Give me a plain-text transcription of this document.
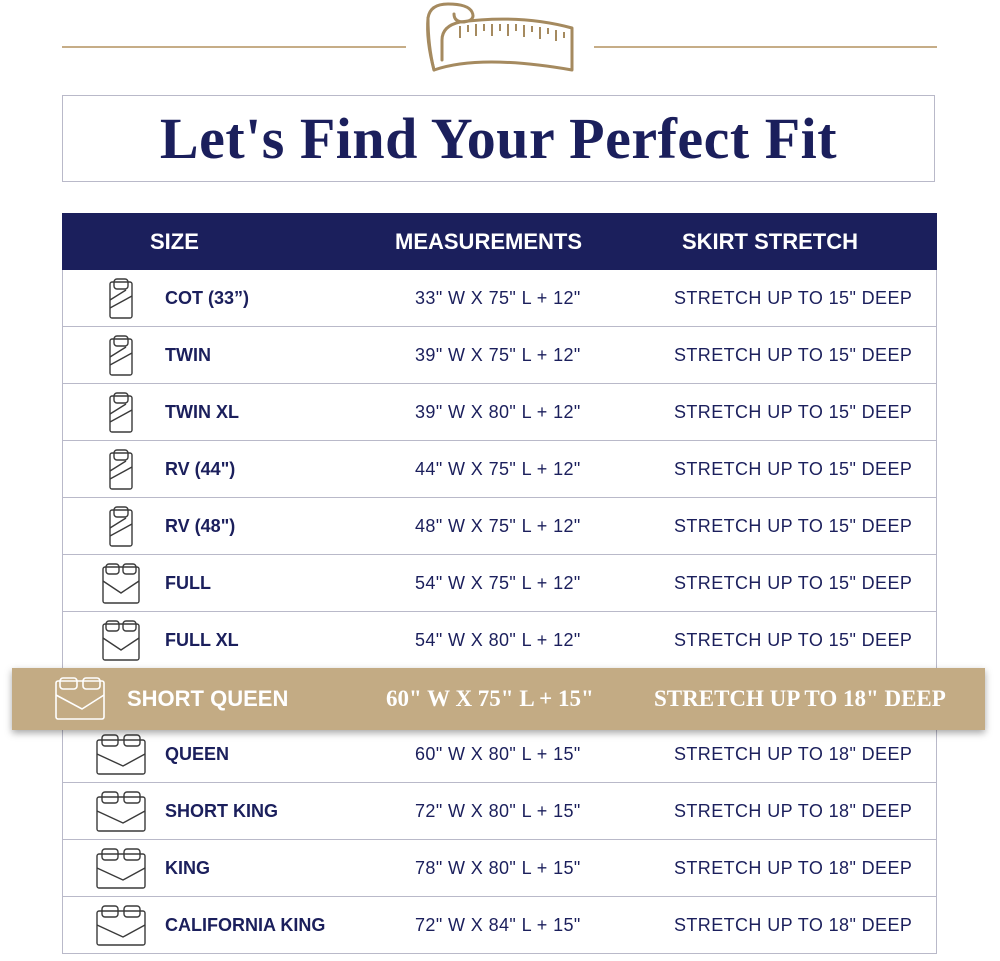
Let's Find Your Perfect Fit
SIZE	MEASUREMENTS	SKIRT STRETCH
COT (33”)	33" W X 75" L + 12"	STRETCH UP TO 15" DEEP
TWIN	39" W X 75" L + 12"	STRETCH UP TO 15" DEEP
TWIN XL	39" W X 80" L + 12"	STRETCH UP TO 15" DEEP
RV (44")	44" W X 75" L + 12"	STRETCH UP TO 15" DEEP
RV (48")	48" W X 75" L + 12"	STRETCH UP TO 15" DEEP
FULL	54" W X 75" L + 12"	STRETCH UP TO 15" DEEP
FULL XL	54" W X 80" L + 12"	STRETCH UP TO 15" DEEP
QUEEN	60" W X 80" L + 15"	STRETCH UP TO 18" DEEP
SHORT KING	72" W X 80" L + 15"	STRETCH UP TO 18" DEEP
KING	78" W X 80" L + 15"	STRETCH UP TO 18" DEEP
CALIFORNIA KING	72" W X 84" L + 15"	STRETCH UP TO 18" DEEP
SHORT QUEEN	60" W X 75" L + 15"	STRETCH UP TO 18" DEEP
